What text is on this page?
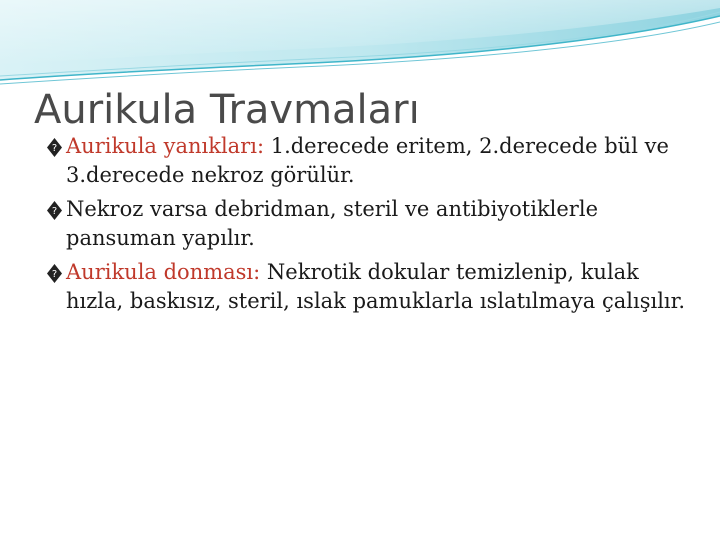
Aurikula Travmaları
? Aurikula yanıkları: 1.derecede eritem, 2.derecede bül ve 3.derecede nekroz görülür.
? Nekroz varsa debridman, steril ve antibiyotiklerle pansuman yapılır.
? Aurikula donması: Nekrotik dokular temizlenip, kulak hızla, baskısız, steril, ıslak pamuklarla ıslatılmaya çalışılır.
